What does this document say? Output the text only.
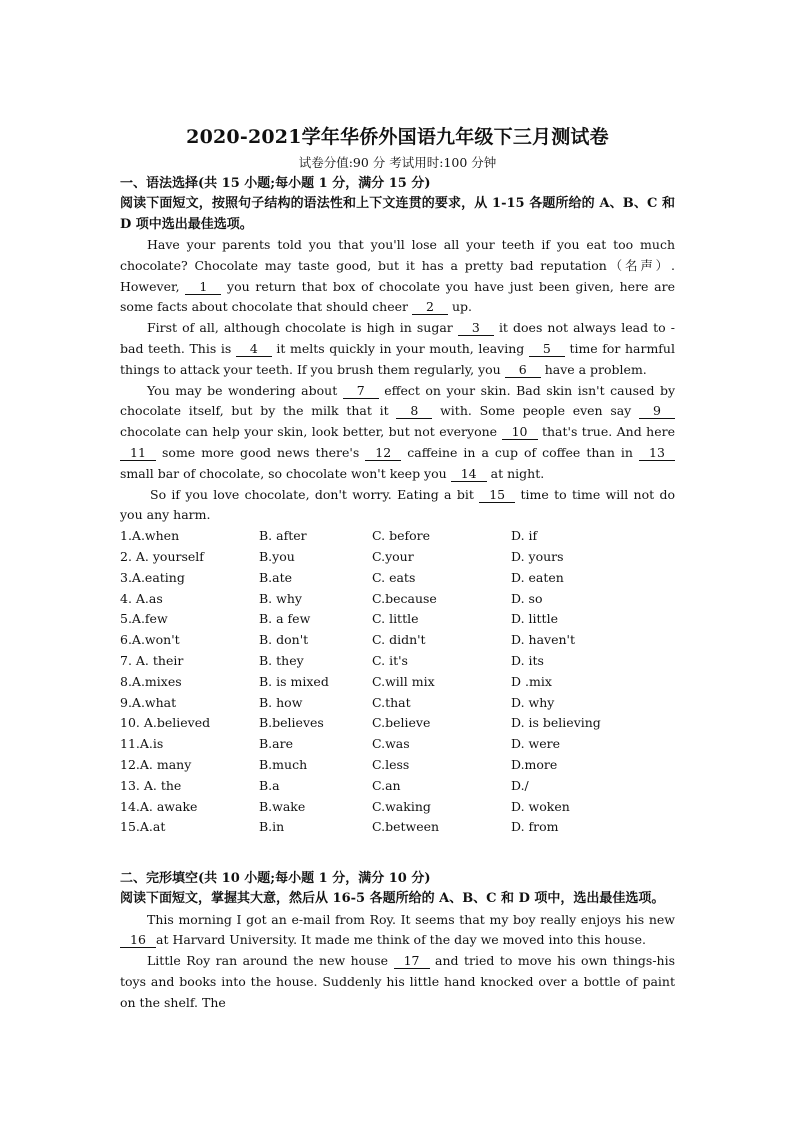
2020-2021学年华侨外国语九年级下三月测试卷
试卷分值:90 分 考试用时:100 分钟
一、语法选择(共 15 小题;每小题 1 分，满分 15 分)
阅读下面短文，按照句子结构的语法性和上下文连贯的要求，从 1-15 各题所给的 A、B、C 和 D 项中选出最佳选项。

Have your parents told you that you'll lose all your teeth if you eat too much chocolate? Chocolate may taste good, but it has a pretty bad reputation（名声）. However, 1 you return that box of chocolate you have just been given, here are some facts about chocolate that should cheer 2 up.

First of all, although chocolate is high in sugar 3 it does not always lead to -bad teeth. This is 4 it melts quickly in your mouth, leaving 5 time for harmful things to attack your teeth. If you brush them regularly, you 6 have a problem.

You may be wondering about 7 effect on your skin. Bad skin isn't caused by chocolate itself, but by the milk that it 8 with. Some people even say 9 chocolate can help your skin, look better, but not everyone 10 that's true. And here 11 some more good news there's 12 caffeine in a cup of coffee than in 13 small bar of chocolate, so chocolate won't keep you 14 at night.

So if you love chocolate, don't worry. Eating a bit 15 time to time will not do you any harm.

1.A.when	B. after	C. before	D. if
2. A. yourself	B.you	C.your	D. yours
3.A.eating	B.ate	C. eats	D. eaten
4. A.as	B. why	C.because	D. so
5.A.few	B. a few	C. little	D. little
6.A.won't	B. don't	C. didn't	D. haven't
7. A. their	B. they	C. it's	D. its
8.A.mixes	B. is mixed	C.will mix	D .mix
9.A.what	B. how	C.that	D. why
10. A.believed	B.believes	C.believe	D. is believing
11.A.is	B.are	C.was	D. were
12.A. many	B.much	C.less	D.more
13. A. the	B.a	C.an	D./
14.A. awake	B.wake	C.waking	D. woken
15.A.at	B.in	C.between	D. from
二、完形填空(共 10 小题;每小题 1 分，满分 10 分)
阅读下面短文，掌握其大意，然后从 16-5 各题所给的 A、B、C 和 D 项中，选出最佳选项。

This morning I got an e-mail from Roy. It seems that my boy really enjoys his new 16 at Harvard University. It made me think of the day we moved into this house.

Little Roy ran around the new house 17 and tried to move his own things-his toys and books into the house. Suddenly his little hand knocked over a bottle of paint on the shelf. The
